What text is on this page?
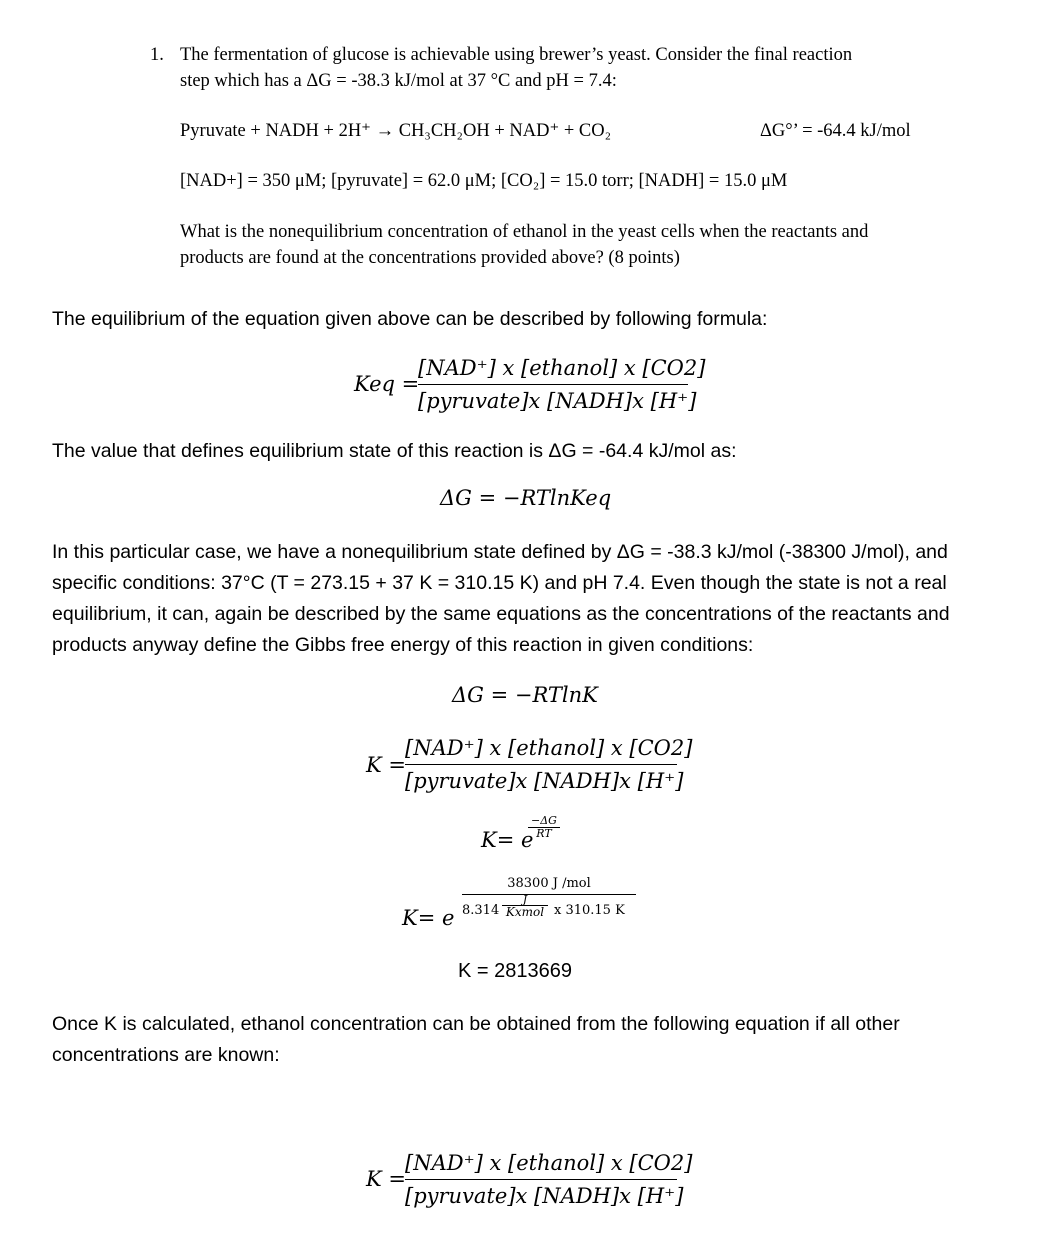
1. The fermentation of glucose is achievable using brewer’s yeast. Consider the final reaction
step which has a ΔG = -38.3 kJ/mol at 37 °C and pH = 7.4:
Pyruvate + NADH + 2H⁺ → CH₃CH₂OH + NAD⁺ + CO₂	ΔG°’ = -64.4 kJ/mol
[NAD+] = 350 μM; [pyruvate] = 62.0 μM; [CO₂] = 15.0 torr; [NADH] = 15.0 μM
What is the nonequilibrium concentration of ethanol in the yeast cells when the reactants and
products are found at the concentrations provided above? (8 points)
The equilibrium of the equation given above can be described by following formula:
Keq =
[NAD⁺] x [ethanol] x [CO2]
[pyruvate]x [NADH]x [H⁺]
The value that defines equilibrium state of this reaction is ΔG = -64.4 kJ/mol as:
ΔG = −RTlnKeq
In this particular case, we have a nonequilibrium state defined by ΔG = -38.3 kJ/mol (-38300 J/mol), and
specific conditions: 37°C (T = 273.15 + 37 K = 310.15 K) and pH 7.4. Even though the state is not a real
equilibrium, it can, again be described by the same equations as the concentrations of the reactants and
products anyway define the Gibbs free energy of this reaction in given conditions:
ΔG = −RTlnK
K =
[NAD⁺] x [ethanol] x [CO2]
[pyruvate]x [NADH]x [H⁺]
K= e
−ΔG
RT
K= e
38300 J /mol
8.314
J
Kxmol x 310.15 K
K = 2813669
Once K is calculated, ethanol concentration can be obtained from the following equation if all other
concentrations are known:
K =
[NAD⁺] x [ethanol] x [CO2]
[pyruvate]x [NADH]x [H⁺]
